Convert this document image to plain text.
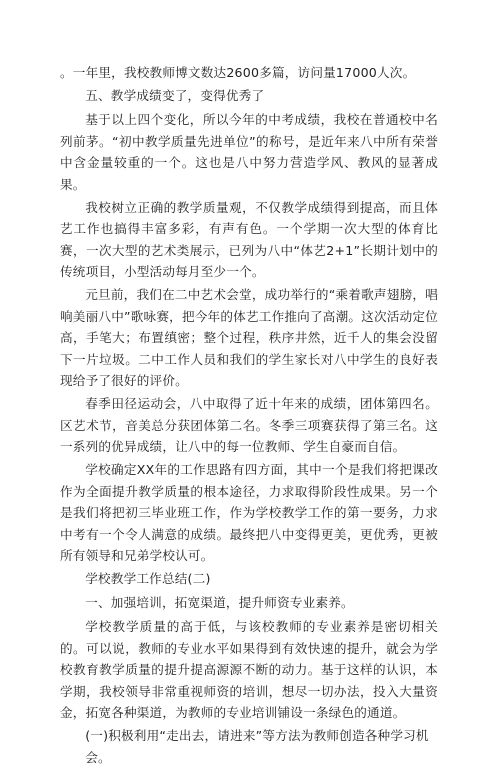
。一年里，我校教师博文数达2600多篇，访问量17000人次。

五、教学成绩变了，变得优秀了

基于以上四个变化，所以今年的中考成绩，我校在普通校中名列前茅。“初中教学质量先进单位”的称号，是近年来八中所有荣誉中含金量较重的一个。这也是八中努力营造学风、教风的显著成果。

我校树立正确的教学质量观，不仅教学成绩得到提高，而且体艺工作也搞得丰富多彩，有声有色。一个学期一次大型的体育比赛，一次大型的艺术类展示，已列为八中“体艺2+1”长期计划中的传统项目，小型活动每月至少一个。

元旦前，我们在二中艺术会堂，成功举行的“乘着歌声翅膀，唱响美丽八中”歌咏赛，把今年的体艺工作推向了高潮。这次活动定位高，手笔大；布置缜密；整个过程，秩序井然，近千人的集会没留下一片垃圾。二中工作人员和我们的学生家长对八中学生的良好表现给予了很好的评价。

春季田径运动会，八中取得了近十年来的成绩，团体第四名。区艺术节，音美总分获团体第二名。冬季三项赛获得了第三名。这一系列的优异成绩，让八中的每一位教师、学生自豪而自信。

学校确定XX年的工作思路有四方面，其中一个是我们将把课改作为全面提升教学质量的根本途径，力求取得阶段性成果。另一个是我们将把初三毕业班工作，作为学校教学工作的第一要务，力求中考有一个令人满意的成绩。最终把八中变得更美，更优秀，更被所有领导和兄弟学校认可。

学校教学工作总结(二)

一、加强培训，拓宽渠道，提升师资专业素养。

学校教学质量的高于低，与该校教师的专业素养是密切相关的。可以说，教师的专业水平如果得到有效快速的提升，就会为学校教育教学质量的提升提高源源不断的动力。基于这样的认识，本学期，我校领导非常重视师资的培训，想尽一切办法，投入大量资金，拓宽各种渠道，为教师的专业培训铺设一条绿色的通道。

(一)积极利用“走出去，请进来”等方法为教师创造各种学习机会。
